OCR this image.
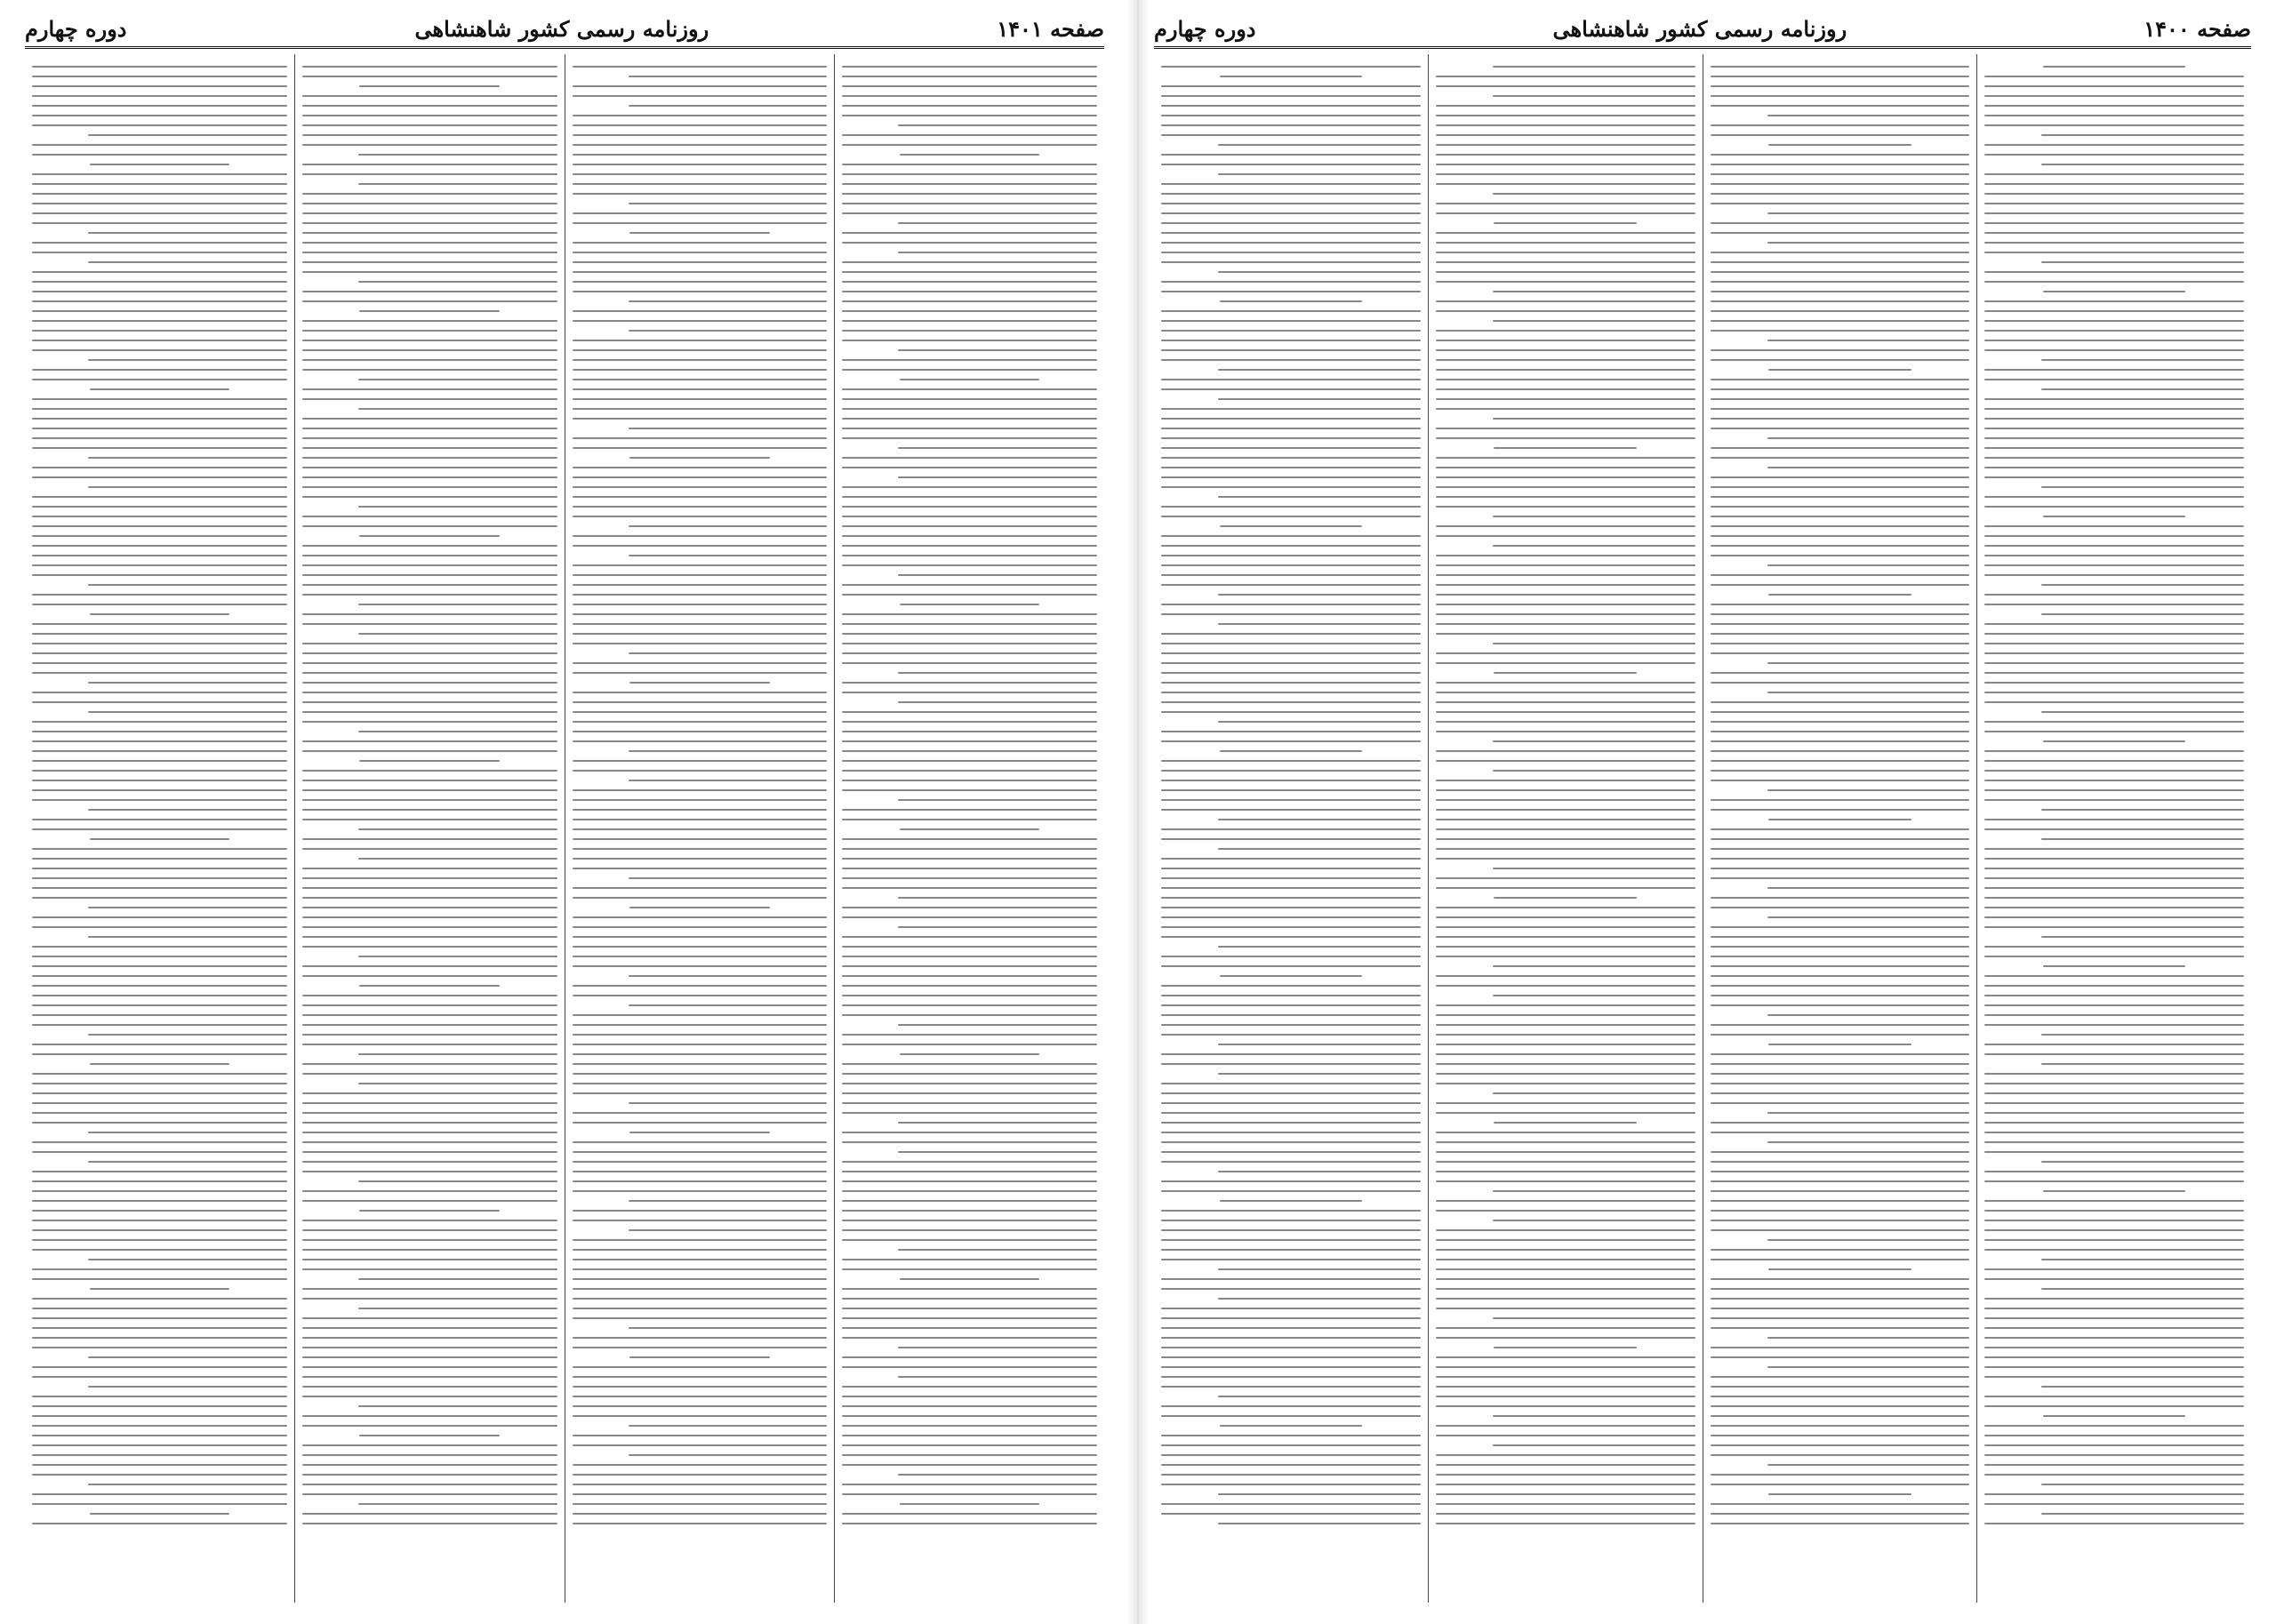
صفحه ۱۴۰۰
روزنامه رسمی کشور شاهنشاهی
دوره چهارم
صفحه ۱۴۰۱
روزنامه رسمی کشور شاهنشاهی
دوره چهارم
